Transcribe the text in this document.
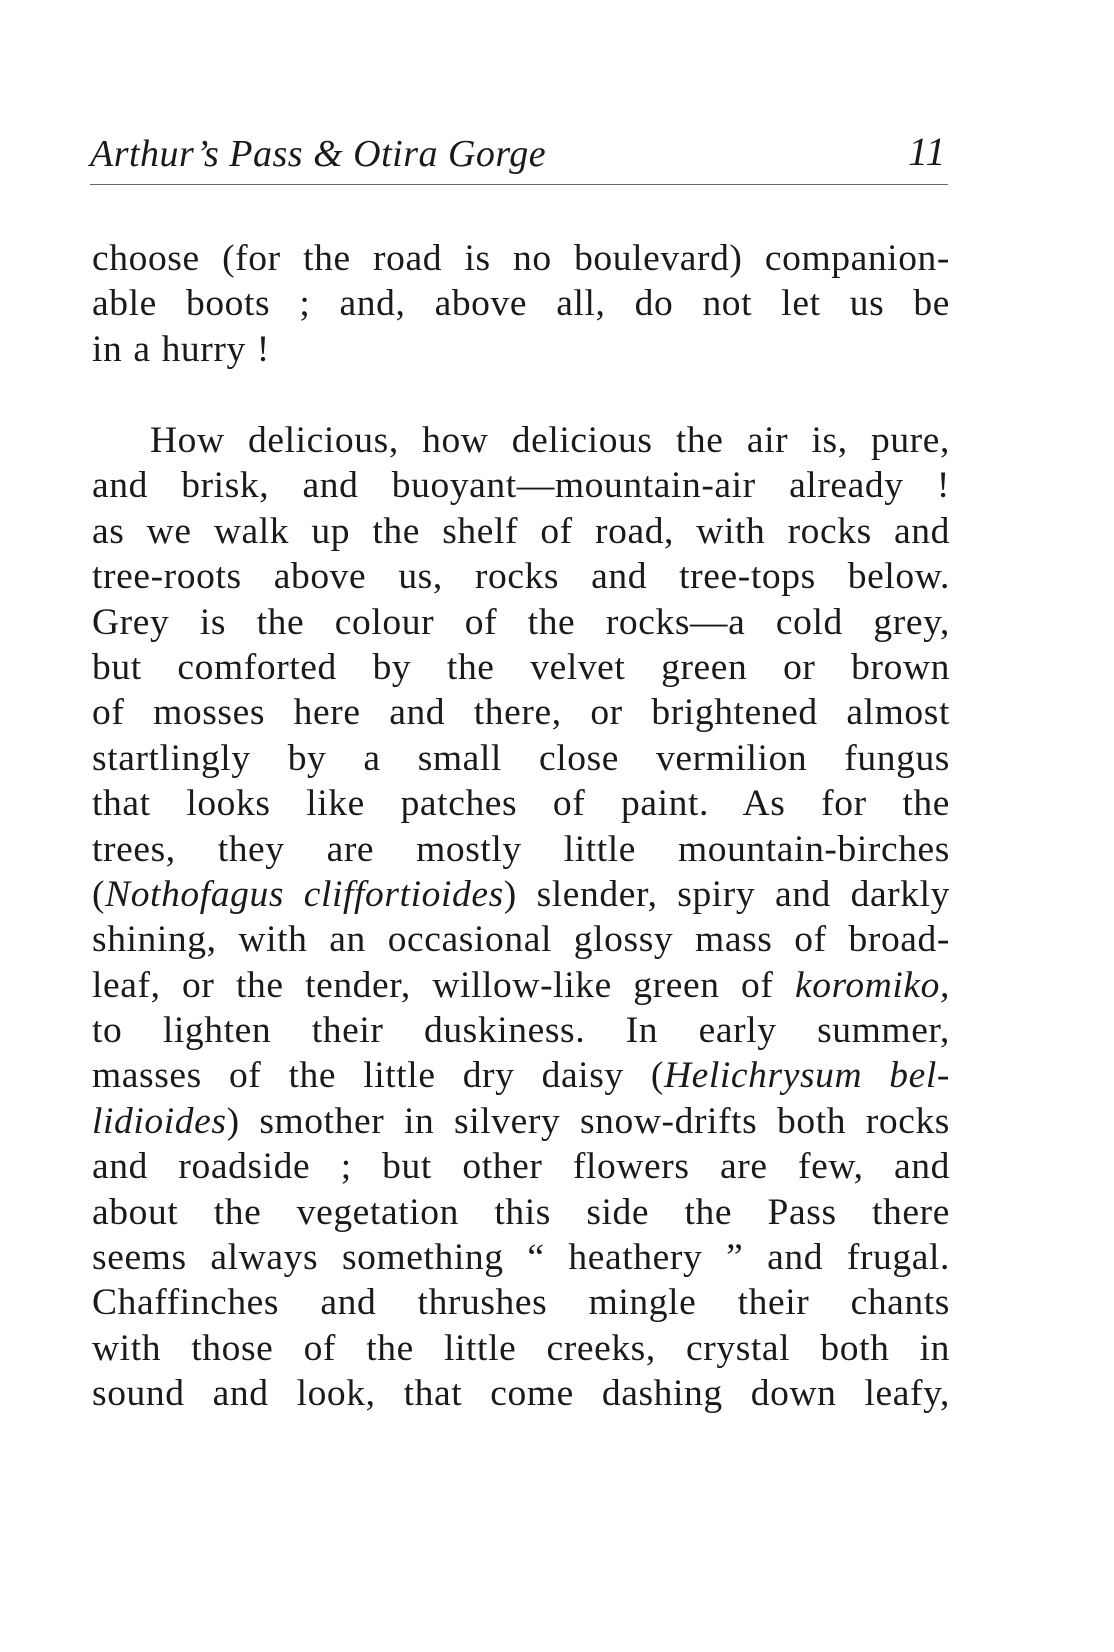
Arthur’s Pass & Otira Gorge	11
choose (for the road is no boulevard) companion-
able boots ; and, above all, do not let us be
in a hurry !
How delicious, how delicious the air is, pure,
and brisk, and buoyant—mountain-air already !
as we walk up the shelf of road, with rocks and
tree-roots above us, rocks and tree-tops below.
Grey is the colour of the rocks—a cold grey,
but comforted by the velvet green or brown
of mosses here and there, or brightened almost
startlingly by a small close vermilion fungus
that looks like patches of paint. As for the
trees, they are mostly little mountain-birches
(Nothofagus cliffortioides) slender, spiry and darkly
shining, with an occasional glossy mass of broad-
leaf, or the tender, willow-like green of koromiko,
to lighten their duskiness. In early summer,
masses of the little dry daisy (Helichrysum bel-
lidioides) smother in silvery snow-drifts both rocks
and roadside ; but other flowers are few, and
about the vegetation this side the Pass there
seems always something “ heathery ” and frugal.
Chaffinches and thrushes mingle their chants
with those of the little creeks, crystal both in
sound and look, that come dashing down leafy,
